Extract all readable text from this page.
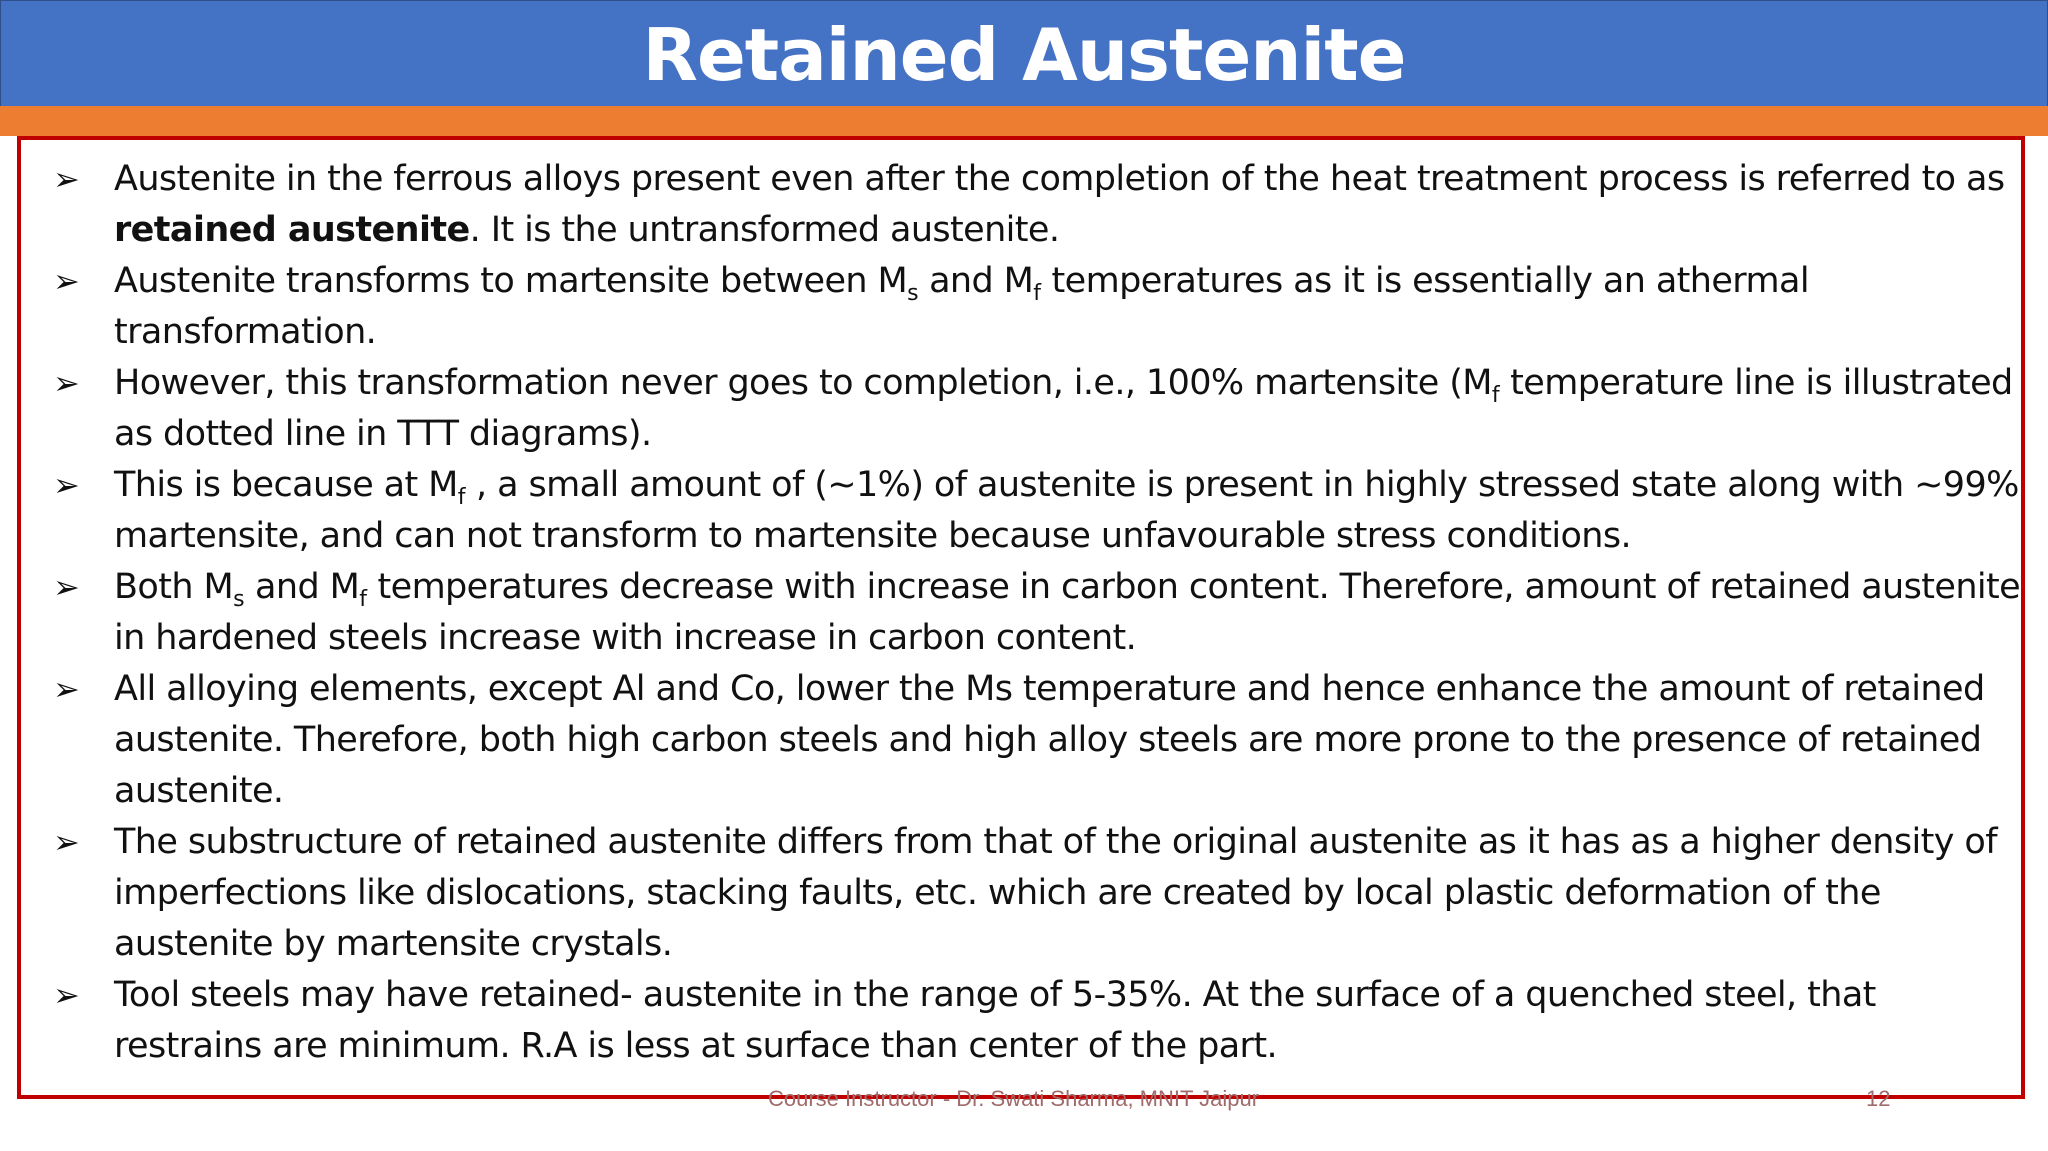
Retained Austenite
➢ Austenite in the ferrous alloys present even after the completion of the heat treatment process is referred to as retained austenite. It is the untransformed austenite.
➢ Austenite transforms to martensite between $M_s$ and $M_f$ temperatures as it is essentially an athermal transformation.
➢ However, this transformation never goes to completion, i.e., 100% martensite ($M_f$ temperature line is illustrated as dotted line in TTT diagrams).
➢ This is because at $M_f$ , a small amount of (~1%) of austenite is present in highly stressed state along with ~99% martensite, and can not transform to martensite because unfavourable stress conditions.
➢ Both $M_s$ and $M_f$ temperatures decrease with increase in carbon content. Therefore, amount of retained austenite in hardened steels increase with increase in carbon content.
➢ All alloying elements, except Al and Co, lower the Ms temperature and hence enhance the amount of retained austenite. Therefore, both high carbon steels and high alloy steels are more prone to the presence of retained austenite.
➢ The substructure of retained austenite differs from that of the original austenite as it has as a higher density of imperfections like dislocations, stacking faults, etc. which are created by local plastic deformation of the austenite by martensite crystals.
➢ Tool steels may have retained- austenite in the range of 5-35%. At the surface of a quenched steel, that restrains are minimum. R.A is less at surface than center of the part.
Course Instructor - Dr. Swati Sharma, MNIT Jaipur	12
